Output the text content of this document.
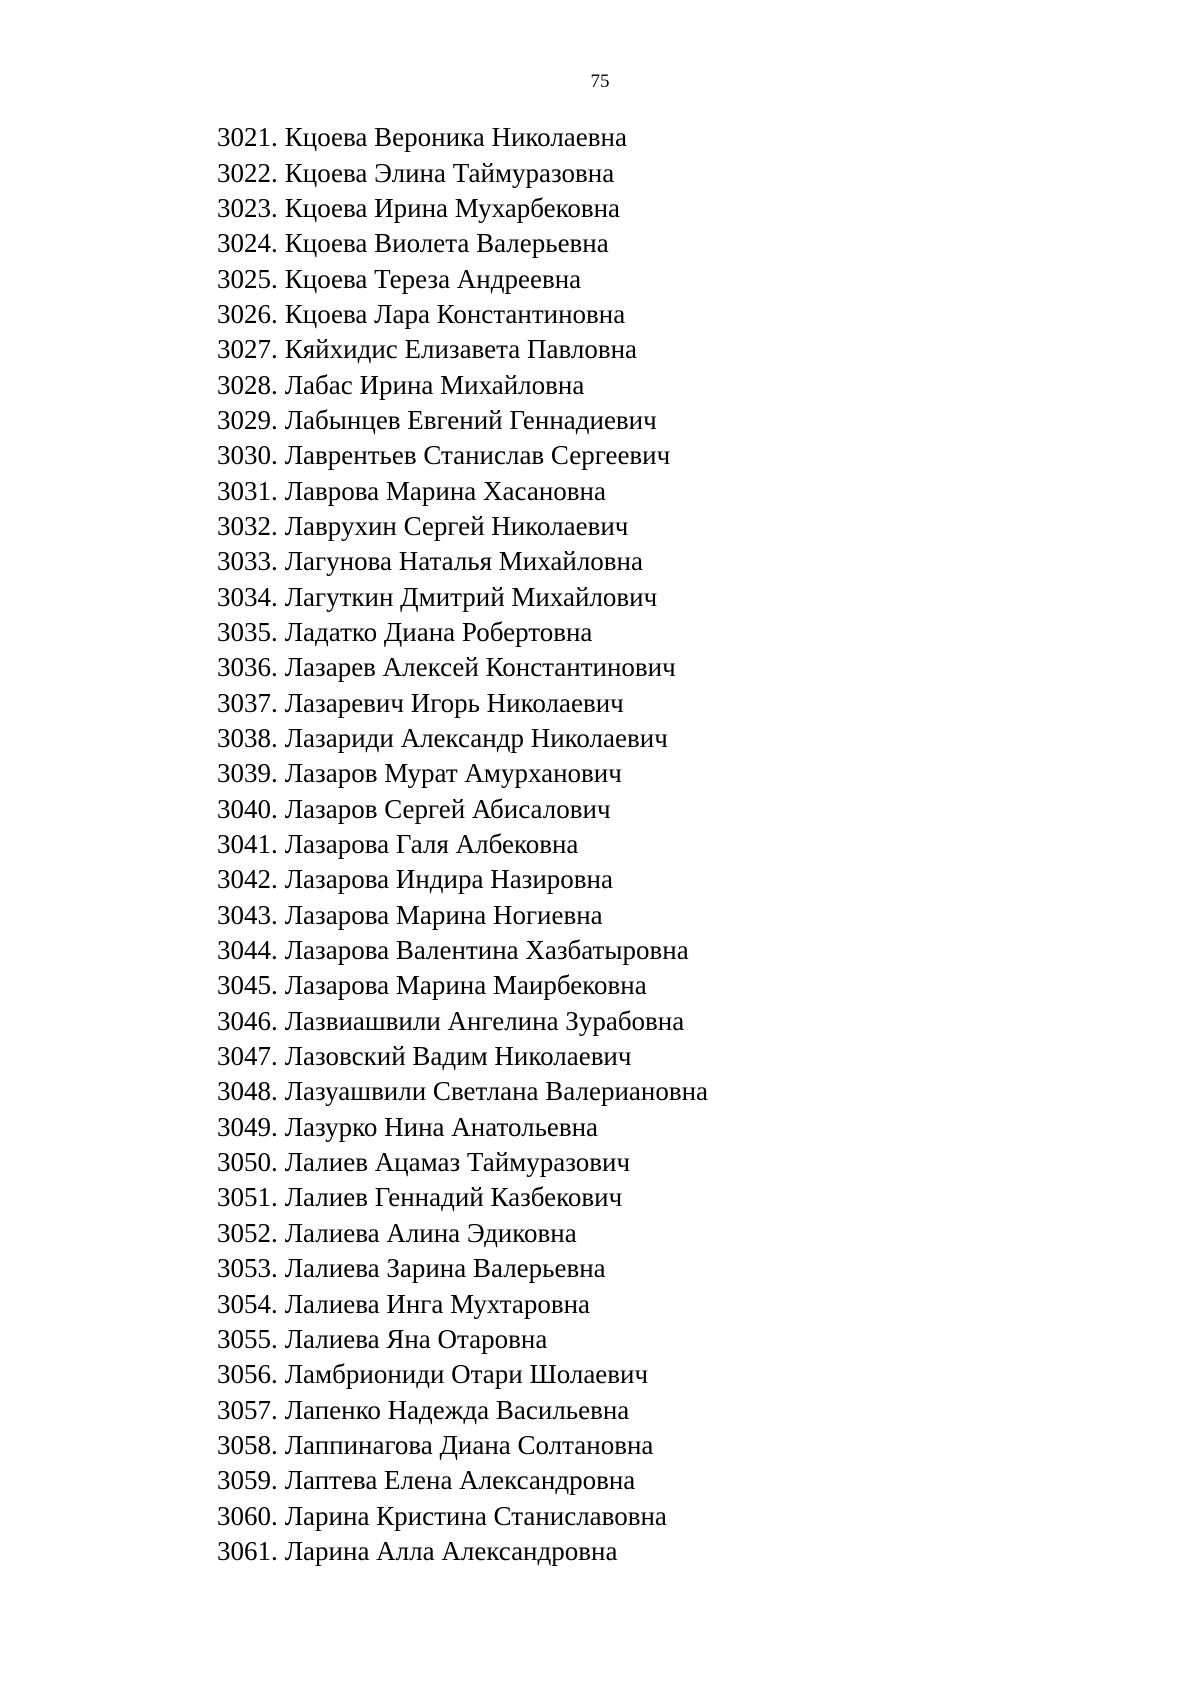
75
3021. Кцоева Вероника Николаевна
3022. Кцоева Элина Таймуразовна
3023. Кцоева Ирина Мухарбековна
3024. Кцоева Виолета Валерьевна
3025. Кцоева Тереза Андреевна
3026. Кцоева Лара Константиновна
3027. Кяйхидис Елизавета Павловна
3028. Лабас Ирина Михайловна
3029. Лабынцев Евгений Геннадиевич
3030. Лаврентьев Станислав Сергеевич
3031. Лаврова Марина Хасановна
3032. Лаврухин Сергей Николаевич
3033. Лагунова Наталья Михайловна
3034. Лагуткин Дмитрий Михайлович
3035. Ладатко Диана Робертовна
3036. Лазарев Алексей Константинович
3037. Лазаревич Игорь Николаевич
3038. Лазариди Александр Николаевич
3039. Лазаров Мурат Амурханович
3040. Лазаров Сергей Абисалович
3041. Лазарова Галя Албековна
3042. Лазарова Индира Назировна
3043. Лазарова Марина Ногиевна
3044. Лазарова Валентина Хазбатыровна
3045. Лазарова Марина Маирбековна
3046. Лазвиашвили Ангелина Зурабовна
3047. Лазовский Вадим Николаевич
3048. Лазуашвили Светлана Валериановна
3049. Лазурко Нина Анатольевна
3050. Лалиев Ацамаз Таймуразович
3051. Лалиев Геннадий Казбекович
3052. Лалиева Алина Эдиковна
3053. Лалиева Зарина Валерьевна
3054. Лалиева Инга Мухтаровна
3055. Лалиева Яна Отаровна
3056. Ламбриониди Отари Шолаевич
3057. Лапенко Надежда Васильевна
3058. Лаппинагова Диана Солтановна
3059. Лаптева Елена Александровна
3060. Ларина Кристина Станиславовна
3061. Ларина Алла Александровна
